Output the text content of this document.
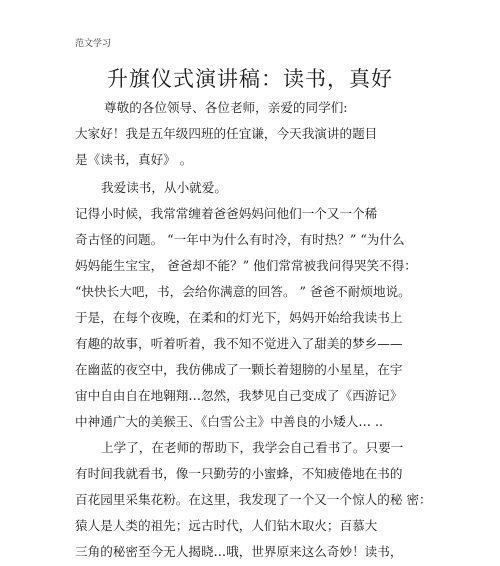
范文学习
升旗仪式演讲稿：读书，真好
尊敬的各位领导、各位老师，亲爱的同学们:
大家好！我是五年级四班的任宜谦，今天我演讲的题目
是《读书，真好》 。
我爱读书，从小就爱。
记得小时候，我常常缠着爸爸妈妈问他们一个又一个稀
奇古怪的问题。 “一年中为什么有时冷，有时热？” “为什么
妈妈能生宝宝， 爸爸却不能？” 他们常常被我问得哭笑不得：
“快快长大吧，书，会给你满意的回答。 ” 爸爸不耐烦地说。
于是，在每个夜晚，在柔和的灯光下，妈妈开始给我读书上
有趣的故事，听着听着，我不知不觉进入了甜美的梦乡——
在幽蓝的夜空中，我仿佛成了一颗长着翅膀的小星星，在宇
宙中自由自在地翱翔…忽然，我梦见自己变成了《西游记》
中神通广大的美猴王、《白雪公主》中善良的小矮人… ..
上学了，在老师的帮助下，我学会自己看书了。只要一
有时间我就看书，像一只勤劳的小蜜蜂，不知疲倦地在书的
百花园里采集花粉。在这里，我发现了一个又一个惊人的秘 密：
猿人是人类的祖先；远古时代，人们钻木取火；百慕大
三角的秘密至今无人揭晓…哦，世界原来这么奇妙！读书，
